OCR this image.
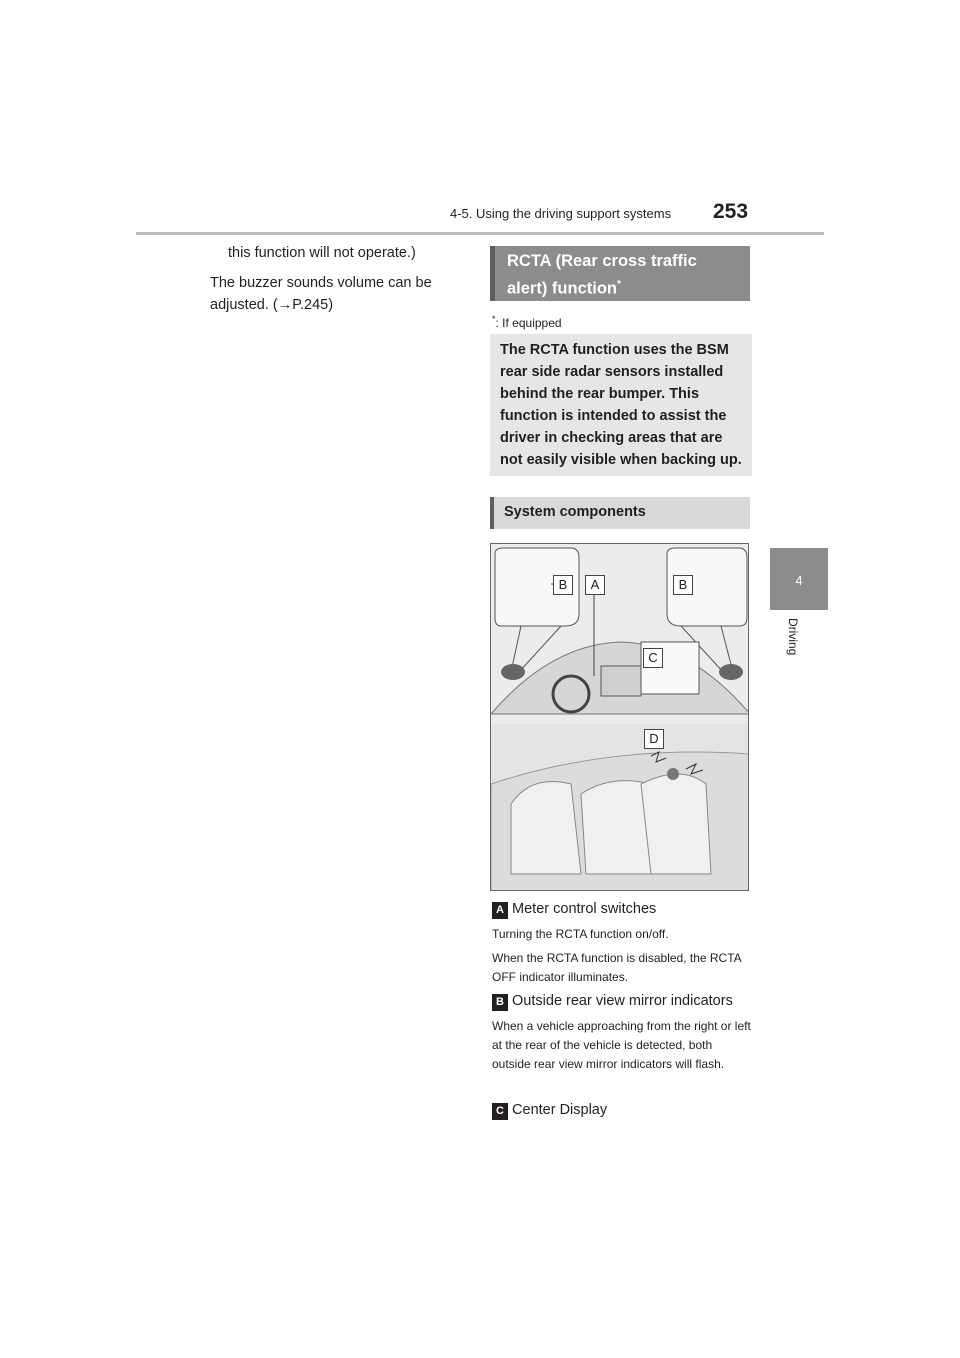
4-5. Using the driving support systems 253
4
Driving
this function will not operate.)
The buzzer sounds volume can be
adjusted. (→P.245)
RCTA (Rear cross traffic
alert) function*
*: If equipped
The RCTA function uses the BSM rear side radar sensors installed behind the rear bumper. This function is intended to assist the driver in checking areas that are not easily visible when backing up.
System components
B	A	B
C
D
A Meter control switches
Turning the RCTA function on/off.
When the RCTA function is disabled, the RCTA OFF indicator illuminates.
B Outside rear view mirror indicators
When a vehicle approaching from the right or left at the rear of the vehicle is detected, both outside rear view mirror indicators will flash.
C Center Display
